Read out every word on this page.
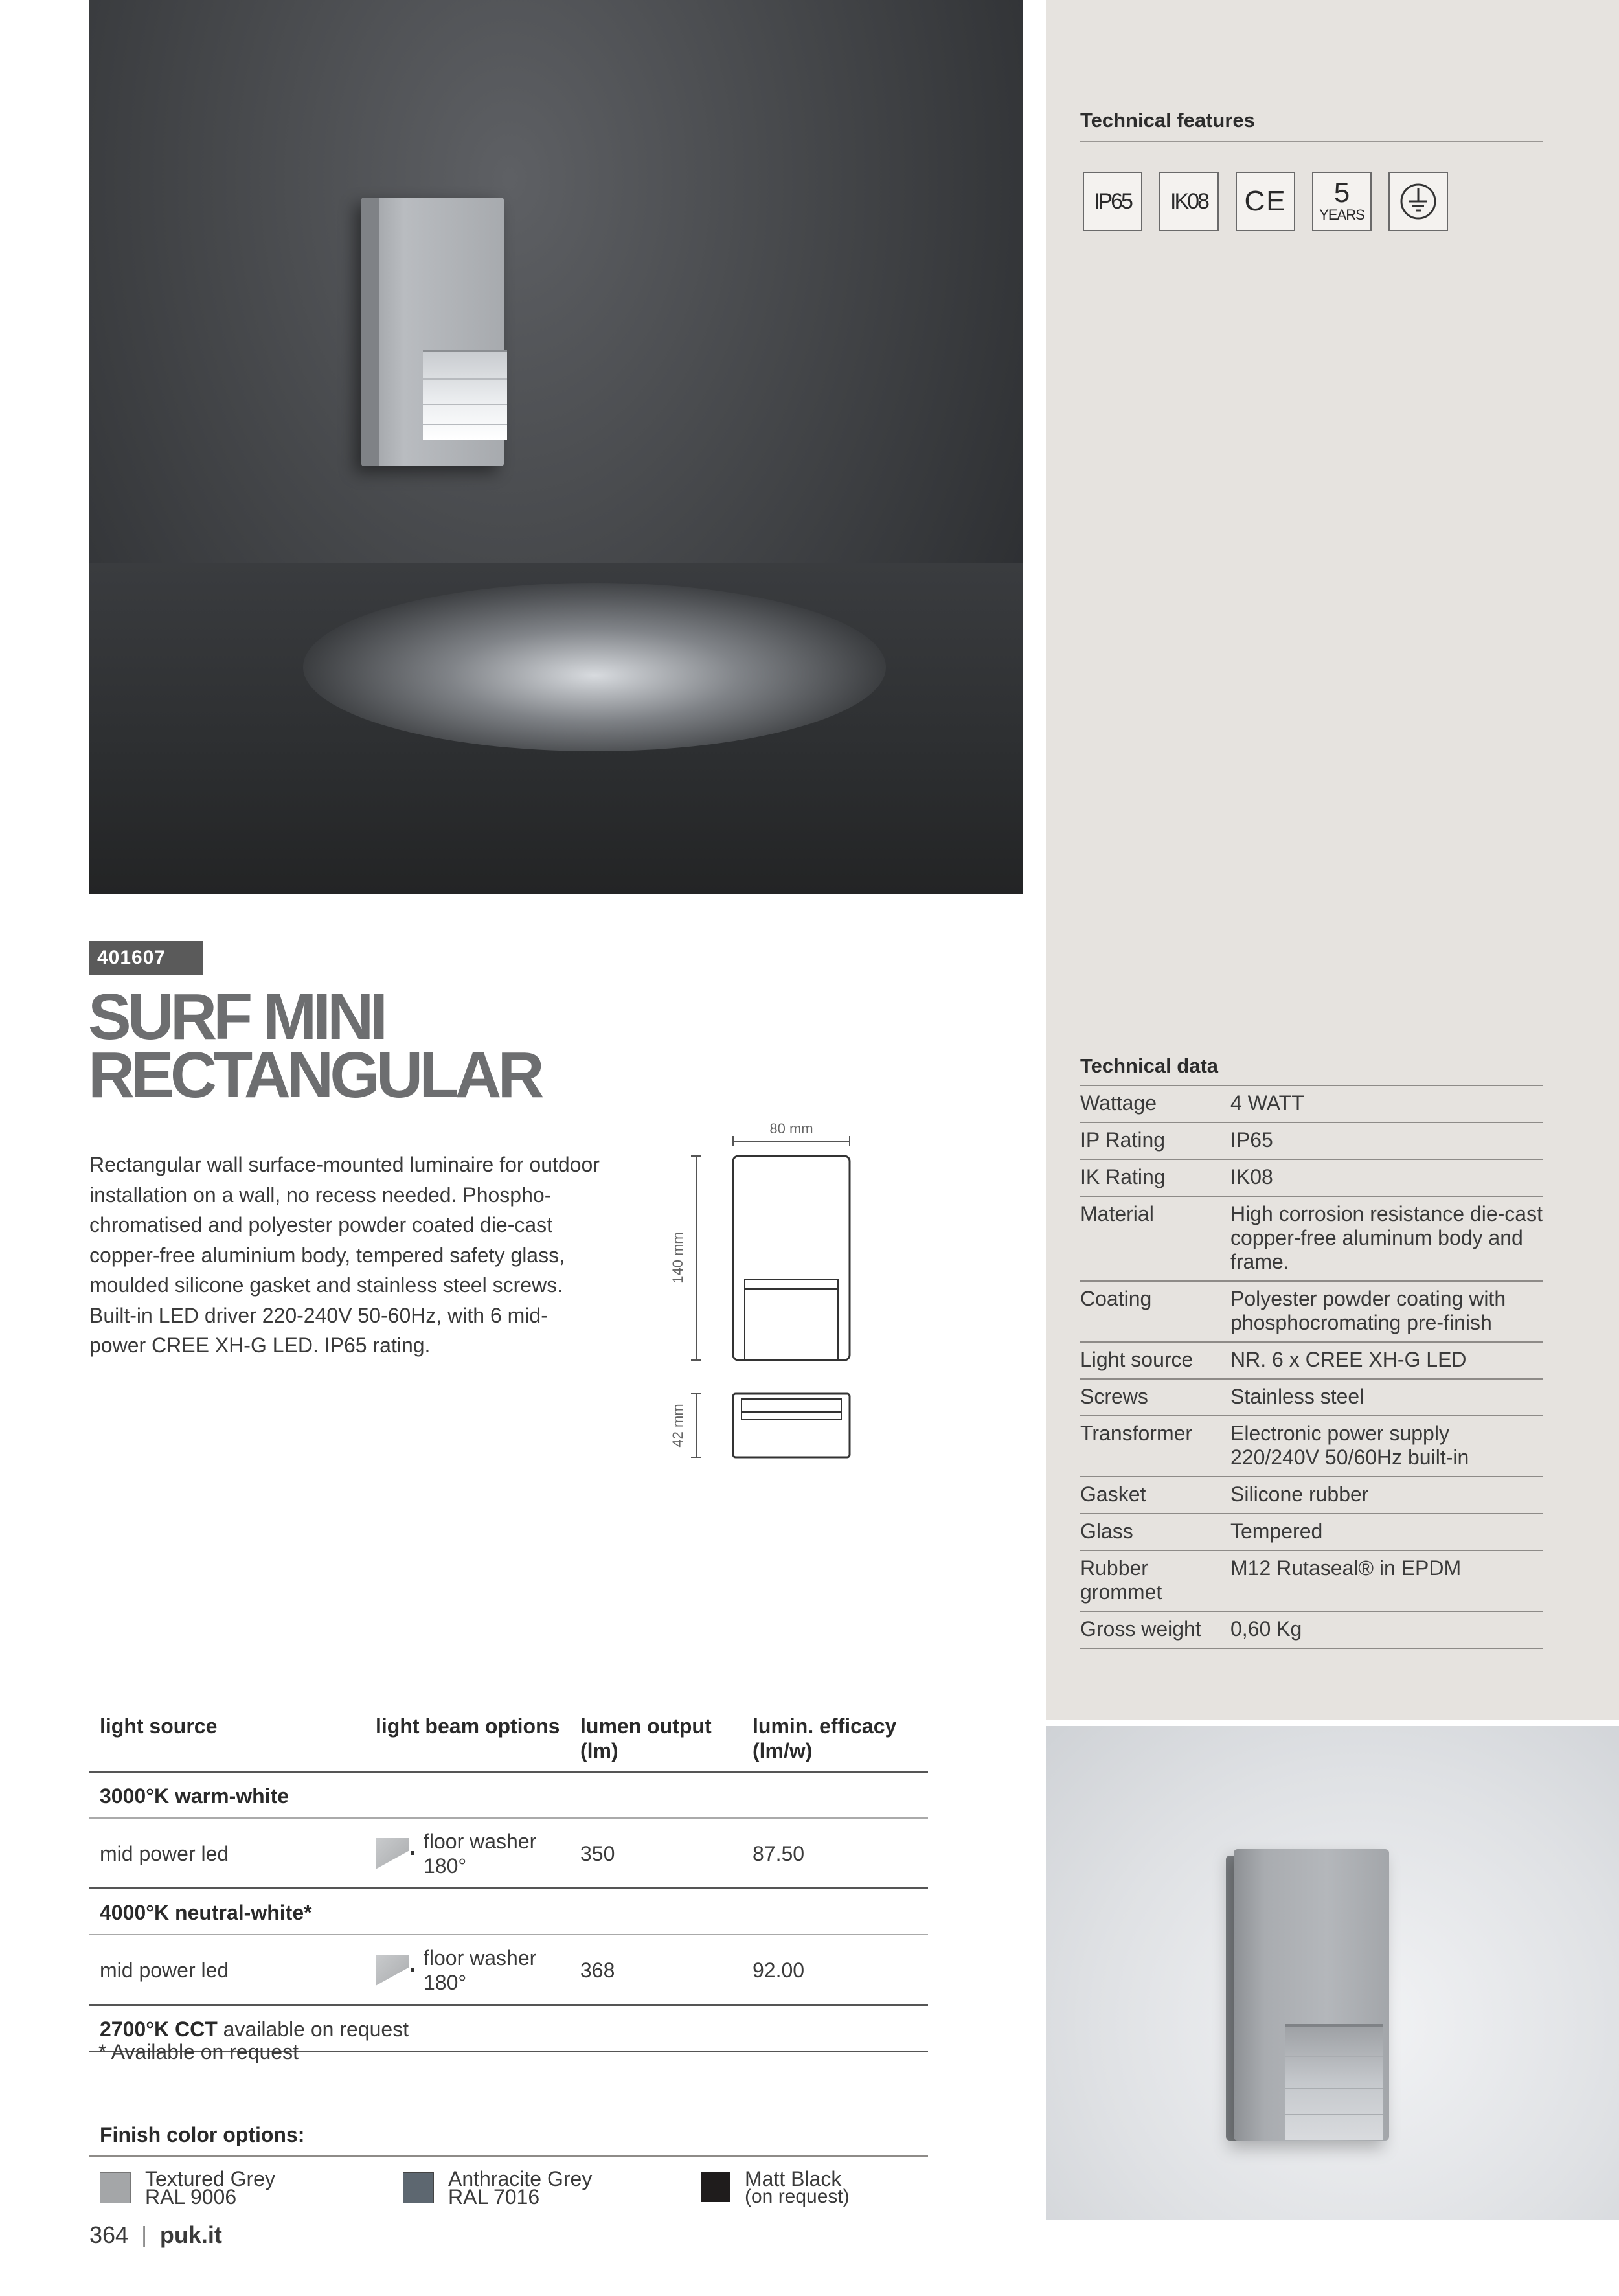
401607
SURF MINI
RECTANGULAR
Rectangular wall surface-mounted luminaire for outdoor installation on a wall, no recess needed. Phospho-chromatised and polyester powder coated die-cast copper-free aluminium body, tempered safety glass, moulded silicone gasket and stainless steel screws. Built-in LED driver 220-240V 50-60Hz, with 6 mid-power CREE XH-G LED. IP65 rating.
80 mm
140 mm
42 mm
Technical features
IP65 IK08 CE	5
YEARS
Technical data
Wattage	4 WATT
IP Rating	IP65
IK Rating	IK08
Material	High corrosion resistance die-cast copper-free aluminum body and frame.
Coating	Polyester powder coating with phosphocromating pre-finish
Light source	NR. 6 x CREE XH-G LED
Screws	Stainless steel
Transformer	Electronic power supply 220/240V 50/60Hz built-in
Gasket	Silicone rubber
Glass	Tempered
Rubber grommet	M12 Rutaseal® in EPDM
Gross weight	0,60 Kg
light source	light beam options	lumen output (lm)	lumin. efficacy (lm/w)
3000°K warm-white			
mid power led	floor washer 180°	350	87.50
4000°K neutral-white*			
mid power led	floor washer 180°	368	92.00
2700°K CCT available on request			
* Available on request
Finish color options:
Textured Grey
RAL 9006
Anthracite Grey
RAL 7016
Matt Black
(on request)
364 | puk.it
